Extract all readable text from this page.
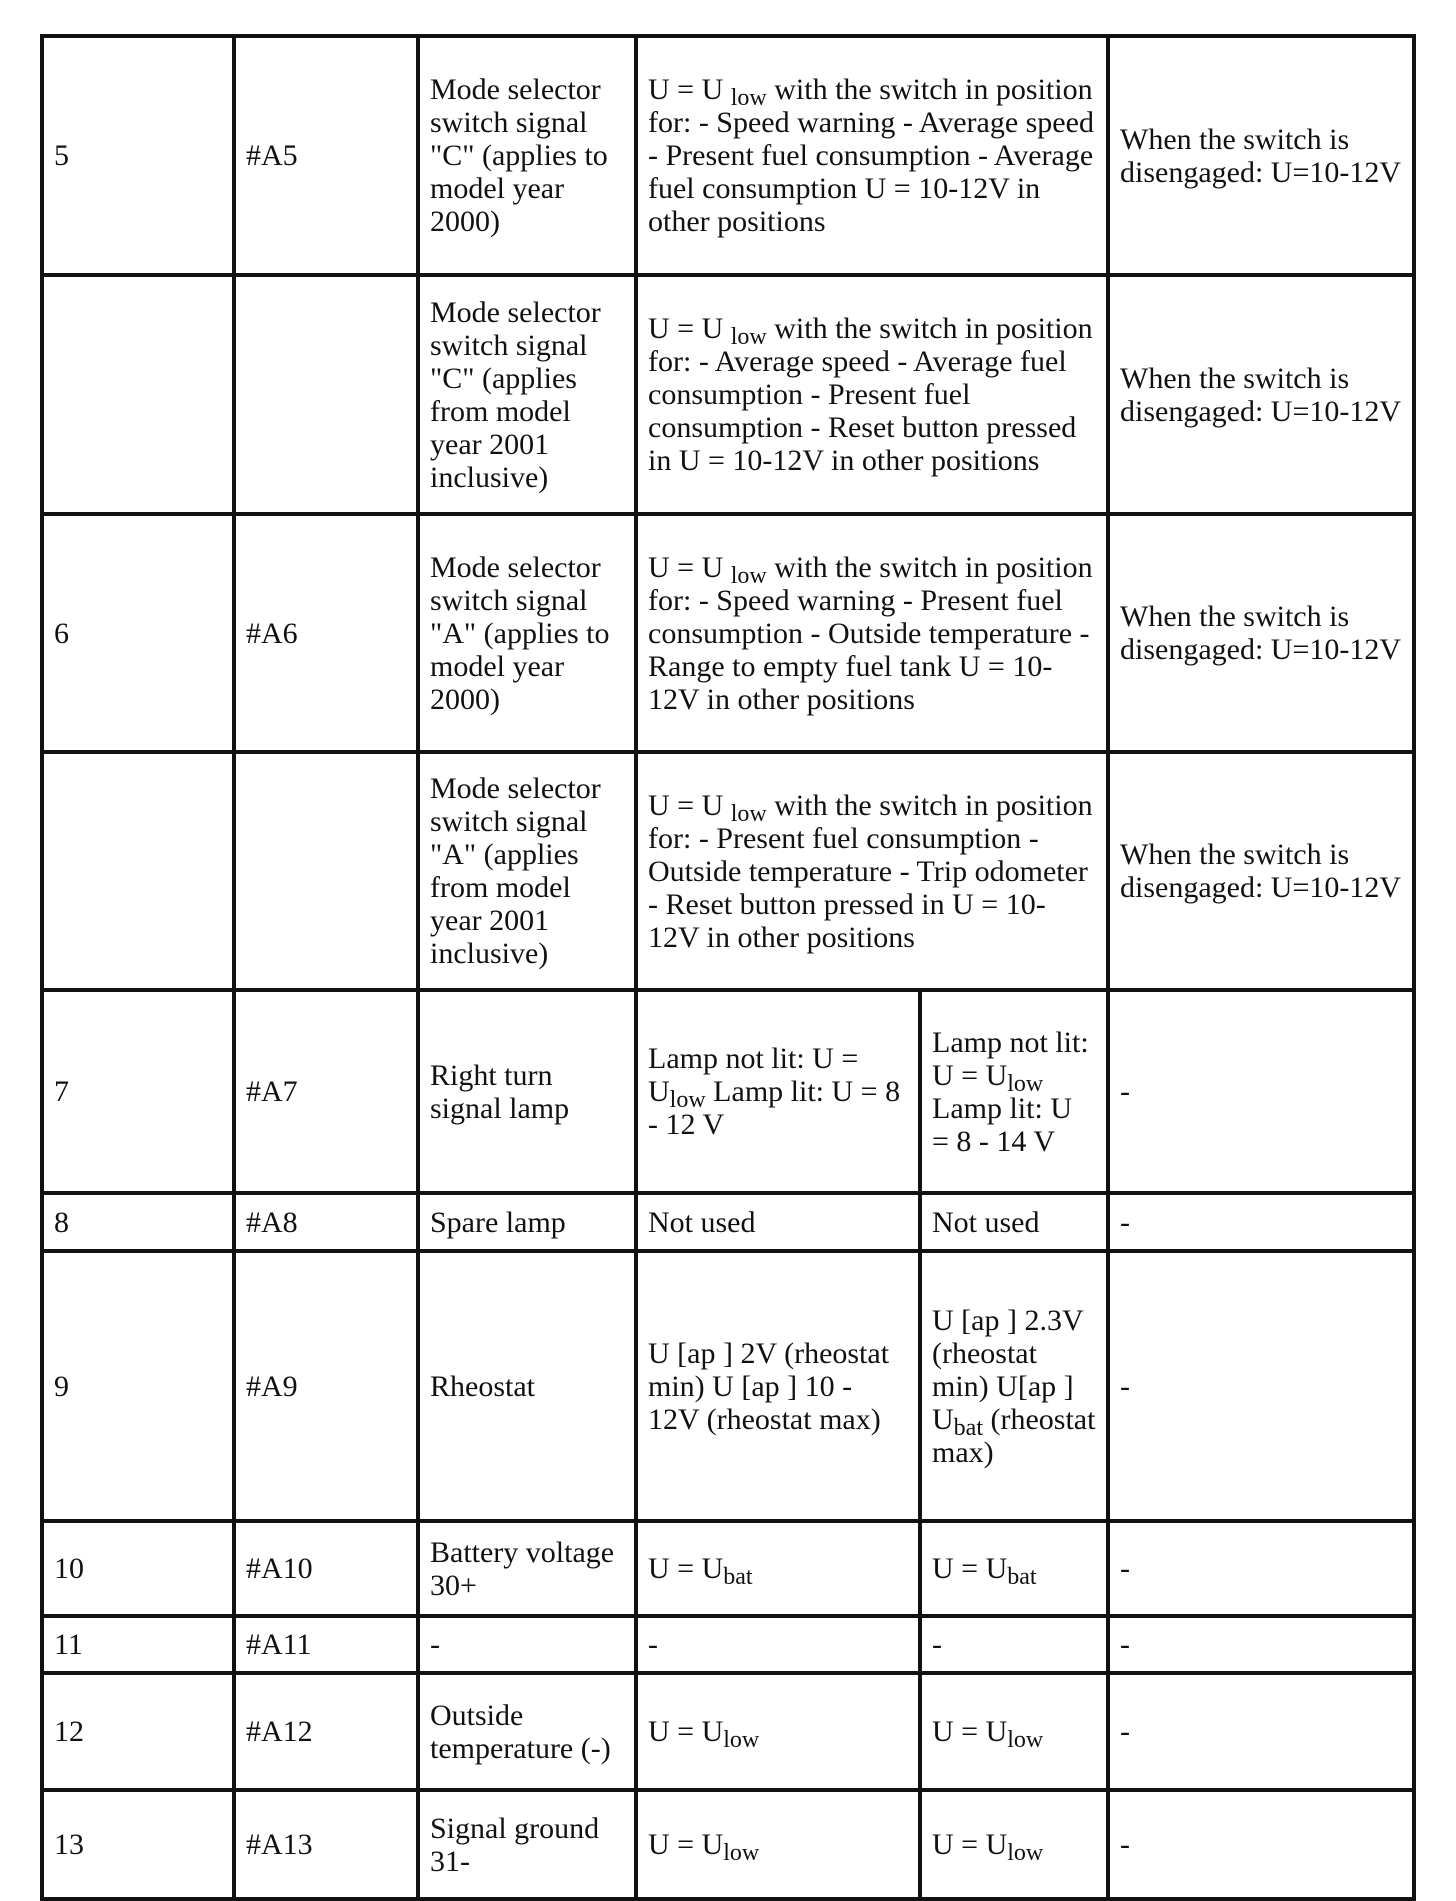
5	#A5	Mode selector switch signal "C" (applies to model year 2000)	U = U $_{low}$ with the switch in position for: - Speed warning - Average speed - Present fuel consumption - Average fuel consumption U = 10-12V in other positions		When the switch is disengaged: U=10-12V
		Mode selector switch signal "C" (applies from model year 2001 inclusive)	U = U $_{low}$ with the switch in position for: - Average speed - Average fuel consumption - Present fuel consumption - Reset button pressed in U = 10-12V in other positions		When the switch is disengaged: U=10-12V
6	#A6	Mode selector switch signal "A" (applies to model year 2000)	U = U $_{low}$ with the switch in position for: - Speed warning - Present fuel consumption - Outside temperature - Range to empty fuel tank U = 10-12V in other positions		When the switch is disengaged: U=10-12V
		Mode selector switch signal "A" (applies from model year 2001 inclusive)	U = U $_{low}$ with the switch in position for: - Present fuel consumption - Outside temperature - Trip odometer - Reset button pressed in U = 10-12V in other positions		When the switch is disengaged: U=10-12V
7	#A7	Right turn signal lamp	Lamp not lit: $U = U_{low}$ Lamp lit: U = 8 - 12 V	Lamp not lit: $U = U_{low}$ Lamp lit: U = 8 - 14 V	-
8	#A8	Spare lamp	Not used	Not used	-
9	#A9	Rheostat	U [ap ] 2V (rheostat min) U [ap ] 10 - 12V (rheostat max)	U [ap ] 2.3V (rheostat min) U[ap ] $U_{bat}$ (rheostat max)	-
10	#A10	Battery voltage 30+	$U = U_{bat}$	$U = U_{bat}$	-
11	#A11	-	-	-	-
12	#A12	Outside temperature (-)	$U = U_{low}$	$U = U_{low}$	-
13	#A13	Signal ground 31-	$U = U_{low}$	$U = U_{low}$	-
